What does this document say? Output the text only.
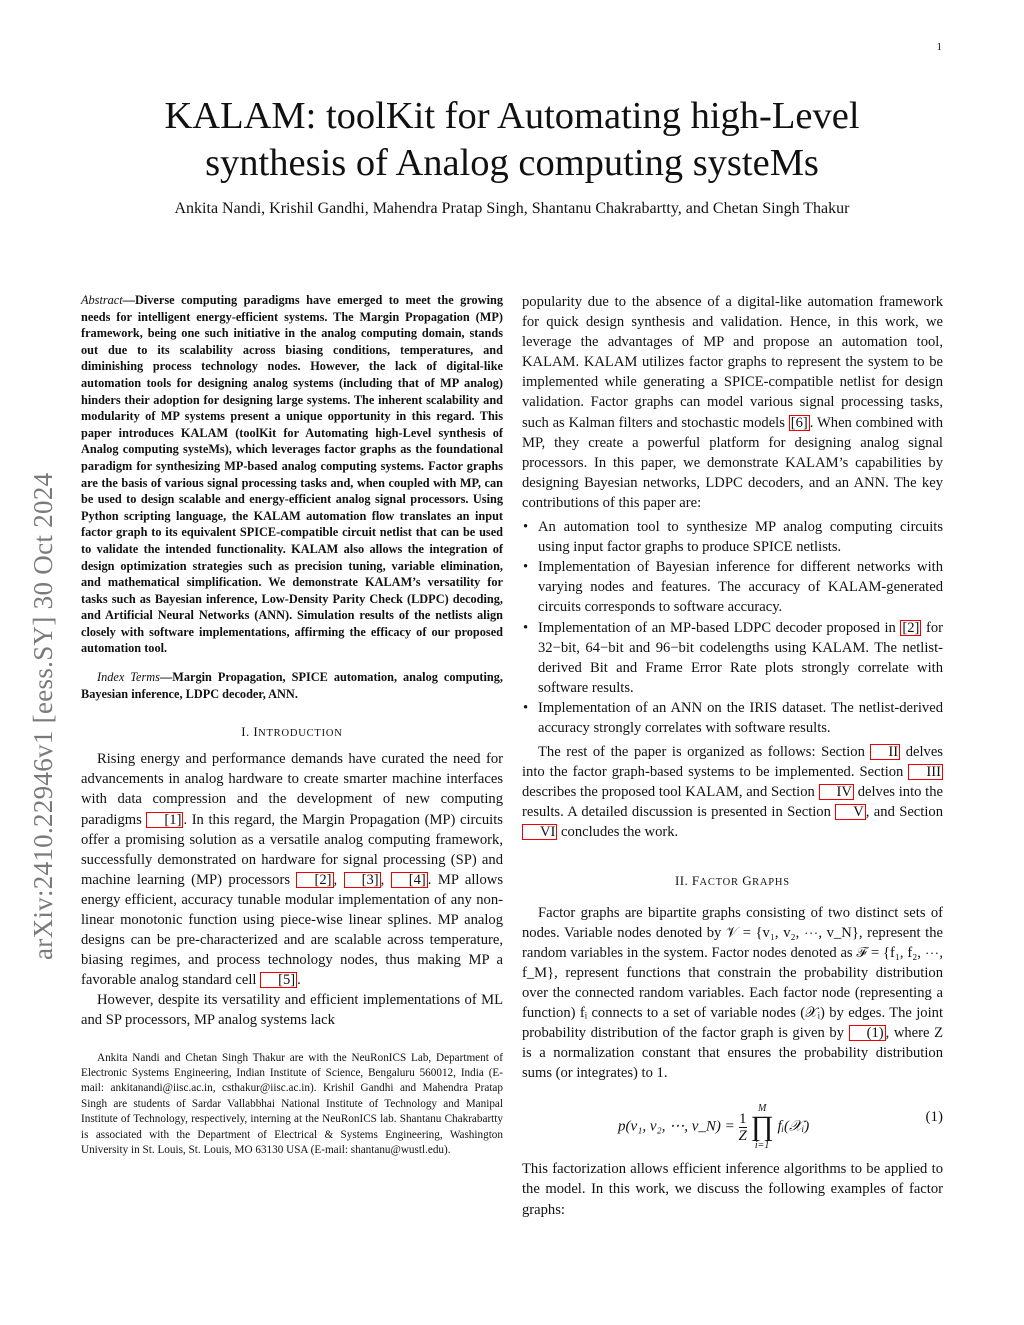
1
arXiv:2410.22946v1 [eess.SY] 30 Oct 2024
KALAM: toolKit for Automating high-Level
synthesis of Analog computing systeMs
Ankita Nandi, Krishil Gandhi, Mahendra Pratap Singh, Shantanu Chakrabartty, and Chetan Singh Thakur

Abstract—Diverse computing paradigms have emerged to meet the growing needs for intelligent energy-efficient systems. The Margin Propagation (MP) framework, being one such initiative in the analog computing domain, stands out due to its scalability across biasing conditions, temperatures, and diminishing process technology nodes. However, the lack of digital-like automation tools for designing analog systems (including that of MP analog) hinders their adoption for designing large systems. The inherent scalability and modularity of MP systems present a unique opportunity in this regard. This paper introduces KALAM (toolKit for Automating high-Level synthesis of Analog computing systeMs), which leverages factor graphs as the foundational paradigm for synthesizing MP-based analog computing systems. Factor graphs are the basis of various signal processing tasks and, when coupled with MP, can be used to design scalable and energy-efficient analog signal processors. Using Python scripting language, the KALAM automation flow translates an input factor graph to its equivalent SPICE-compatible circuit netlist that can be used to validate the intended functionality. KALAM also allows the integration of design optimization strategies such as precision tuning, variable elimination, and mathematical simplification. We demonstrate KALAM’s versatility for tasks such as Bayesian inference, Low-Density Parity Check (LDPC) decoding, and Artificial Neural Networks (ANN). Simulation results of the netlists align closely with software implementations, affirming the efficacy of our proposed automation tool.

Index Terms—Margin Propagation, SPICE automation, analog computing, Bayesian inference, LDPC decoder, ANN.

I. INTRODUCTION

Rising energy and performance demands have curated the need for advancements in analog hardware to create smarter machine interfaces with data compression and the development of new computing paradigms [1] . In this regard, the Margin Propagation (MP) circuits offer a promising solution as a versatile analog computing framework, successfully demonstrated on hardware for signal processing (SP) and machine learning (MP) processors [2] , [3] , [4] . MP allows energy efficient, accuracy tunable modular implementation of any non-linear monotonic function using piece-wise linear splines. MP analog designs can be pre-characterized and are scalable across temperature, biasing regimes, and process technology nodes, thus making MP a favorable analog standard cell [5] .

However, despite its versatility and efficient implementations of ML and SP processors, MP analog systems lack

Ankita Nandi and Chetan Singh Thakur are with the NeuRonICS Lab, Department of Electronic Systems Engineering, Indian Institute of Science, Bengaluru 560012, India (E-mail: ankitanandi@iisc.ac.in, csthakur@iisc.ac.in). Krishil Gandhi and Mahendra Pratap Singh are students of Sardar Vallabbhai National Institute of Technology and Manipal Institute of Technology, respectively, interning at the NeuRonICS lab. Shantanu Chakrabartty is associated with the Department of Electrical & Systems Engineering, Washington University in St. Louis, St. Louis, MO 63130 USA (E-mail: shantanu@wustl.edu).

popularity due to the absence of a digital-like automation framework for quick design synthesis and validation. Hence, in this work, we leverage the advantages of MP and propose an automation tool, KALAM. KALAM utilizes factor graphs to represent the system to be implemented while generating a SPICE-compatible netlist for design validation. Factor graphs can model various signal processing tasks, such as Kalman filters and stochastic models [6] . When combined with MP, they create a powerful platform for designing analog signal processors. In this paper, we demonstrate KALAM’s capabilities by designing Bayesian networks, LDPC decoders, and an ANN. The key contributions of this paper are:

• An automation tool to synthesize MP analog computing circuits using input factor graphs to produce SPICE netlists.
• Implementation of Bayesian inference for different networks with varying nodes and features. The accuracy of KALAM-generated circuits corresponds to software accuracy.
• Implementation of an MP-based LDPC decoder proposed in [2] for 32−bit, 64−bit and 96−bit codelengths using KALAM. The netlist-derived Bit and Frame Error Rate plots strongly correlate with software results.
• Implementation of an ANN on the IRIS dataset. The netlist-derived accuracy strongly correlates with software results.

The rest of the paper is organized as follows: Section II delves into the factor graph-based systems to be implemented. Section III describes the proposed tool KALAM, and Section IV delves into the results. A detailed discussion is presented in Section V , and Section VI concludes the work.

II. FACTOR GRAPHS

Factor graphs are bipartite graphs consisting of two distinct sets of nodes. Variable nodes denoted by 𝒱 = {v₁, v₂, ⋯, v_N}, represent the random variables in the system. Factor nodes denoted as ℱ = {f₁, f₂, ⋯, f_M}, represent functions that constrain the probability distribution over the connected random variables. Each factor node (representing a function) fᵢ connects to a set of variable nodes (𝒳ᵢ) by edges. The joint probability distribution of the factor graph is given by (1) , where Z is a normalization constant that ensures the probability distribution sums (or integrates) to 1.

p(v₁, v₂, ⋯, v_N) = $\frac{1}{Z}$

M
∏
i=1
fᵢ(𝒳ᵢ)
(1)

This factorization allows efficient inference algorithms to be applied to the model. In this work, we discuss the following examples of factor graphs:
